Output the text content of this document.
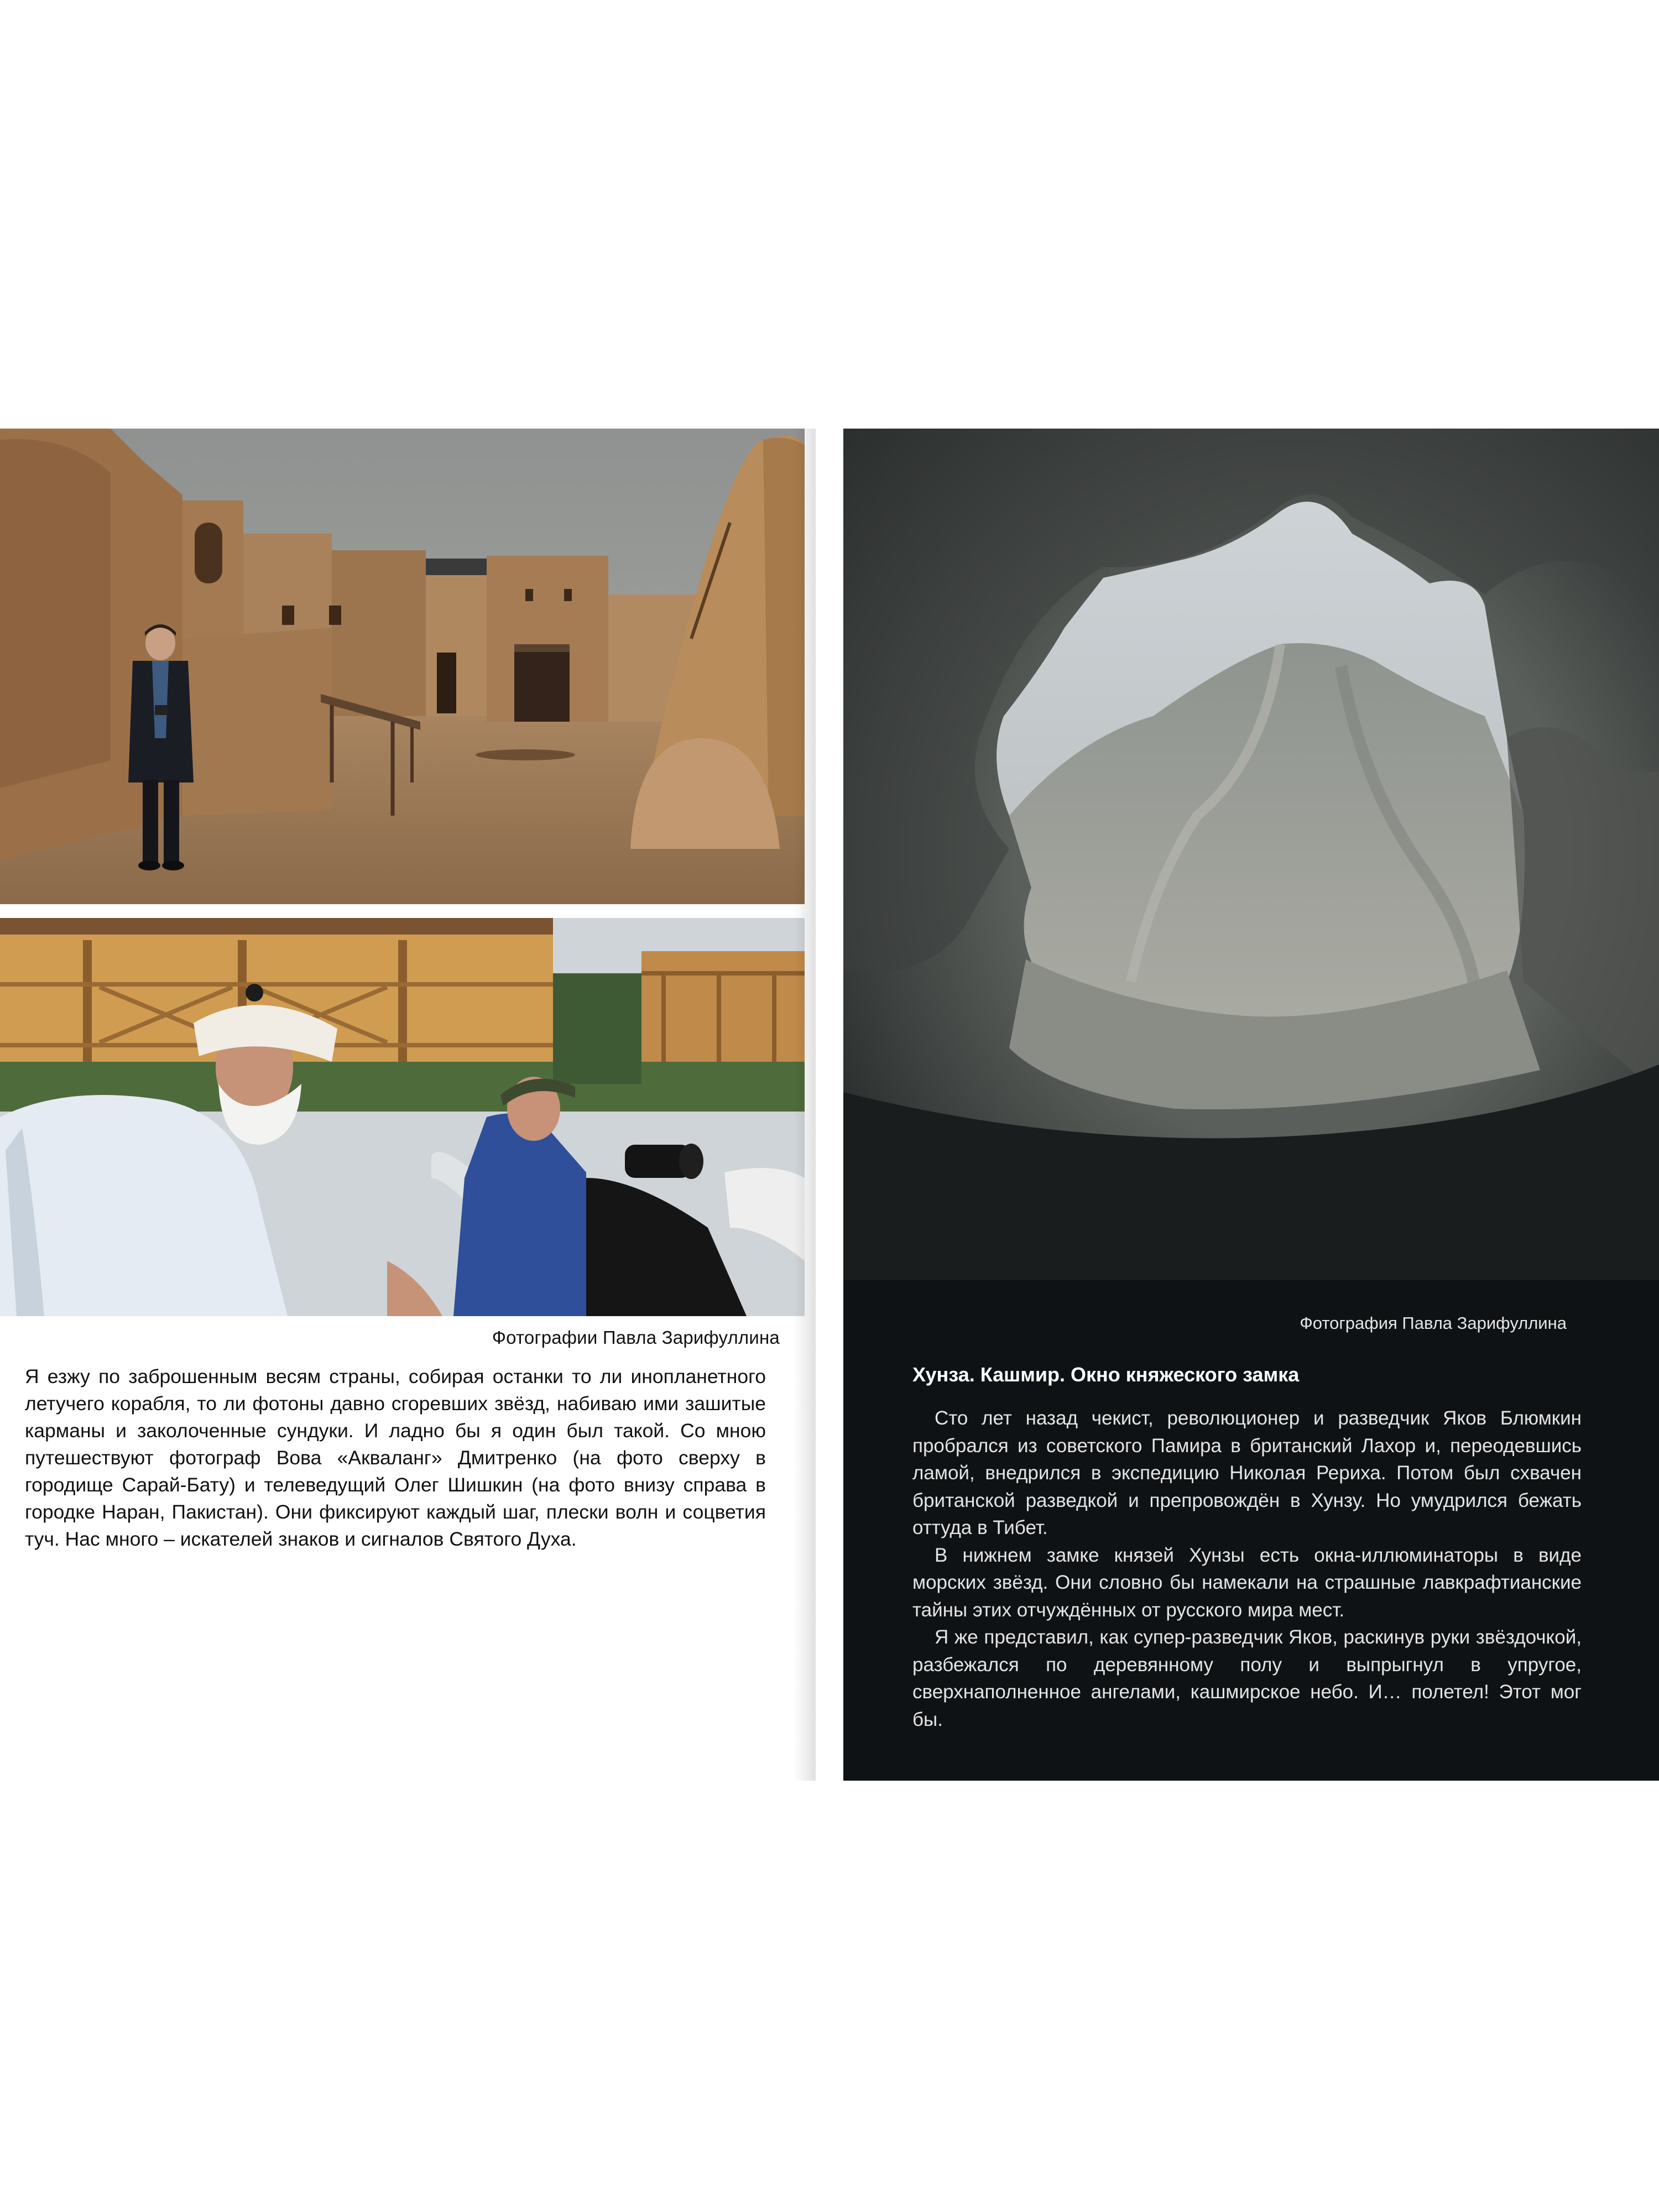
Фотографии Павла Зарифуллина

Я езжу по заброшенным весям страны, собирая останки то ли инопланетного летучего корабля, то ли фотоны давно сгоревших звёзд, набиваю ими зашитые карманы и заколоченные сундуки. И ладно бы я один был такой. Со мною путешествуют фотограф Вова «Акваланг» Дмитренко (на фото сверху в городище Сарай-Бату) и телеведущий Олег Шишкин (на фото внизу справа в городке Наран, Пакистан). Они фиксируют каждый шаг, плески волн и соцветия туч. Нас много – искателей знаков и сигналов Святого Духа.

Фотография Павла Зарифуллина
Хунза. Кашмир. Окно княжеского замка

Сто лет назад чекист, революционер и разведчик Яков Блюмкин пробрался из советского Памира в британский Лахор и, переодевшись ламой, внедрился в экспедицию Николая Рериха. Потом был схвачен британской разведкой и препровождён в Хунзу. Но умудрился бежать оттуда в Тибет.

В нижнем замке князей Хунзы есть окна-иллюминаторы в виде морских звёзд. Они словно бы намекали на страшные лавкрафтианские тайны этих отчуждённых от русского мира мест.

Я же представил, как супер-разведчик Яков, раскинув руки звёздочкой, разбежался по деревянному полу и выпрыгнул в упругое, сверхнаполненное ангелами, кашмирское небо. И… полетел! Этот мог бы.
